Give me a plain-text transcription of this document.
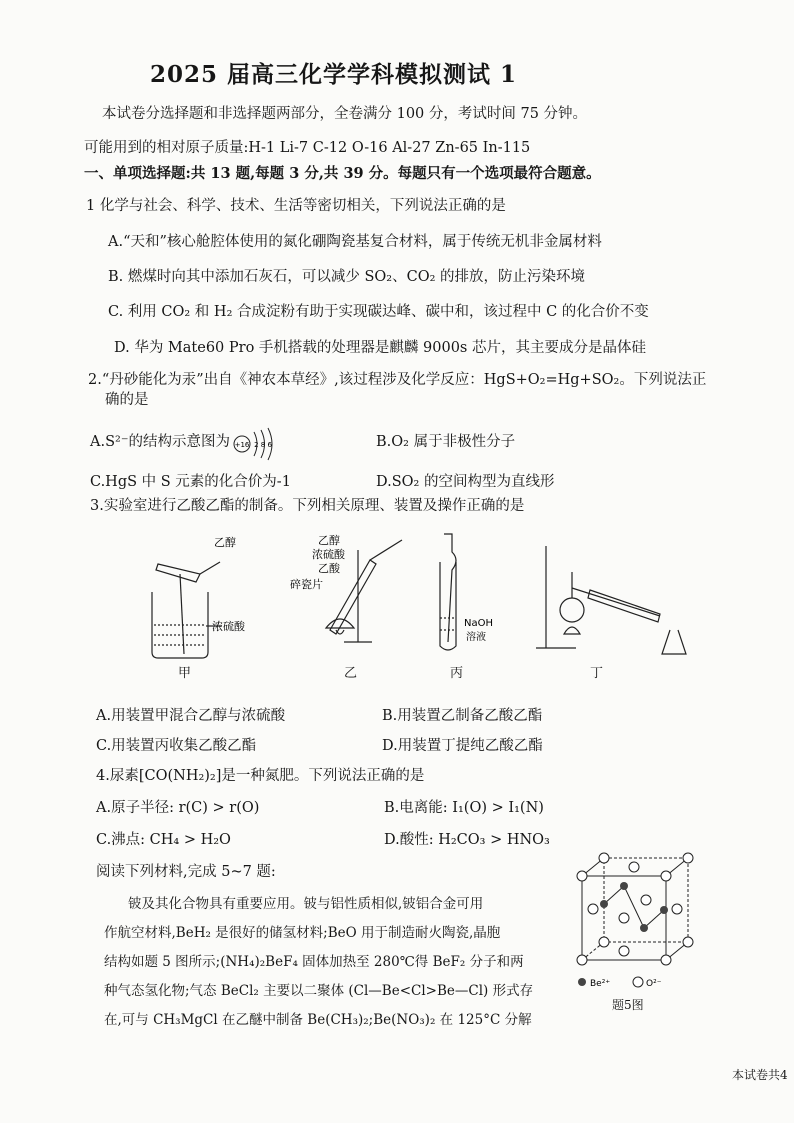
2025 届高三化学学科模拟测试 1
本试卷分选择题和非选择题两部分，全卷满分 100 分，考试时间 75 分钟。
可能用到的相对原子质量:H-1 Li-7 C-12 O-16 Al-27 Zn-65 In-115
一、单项选择题:共 13 题,每题 3 分,共 39 分。每题只有一个选项最符合题意。
1 化学与社会、科学、技术、生活等密切相关，下列说法正确的是
A.“天和”核心舱腔体使用的氮化硼陶瓷基复合材料，属于传统无机非金属材料
B. 燃煤时向其中添加石灰石，可以减少 SO₂、CO₂ 的排放，防止污染环境
C. 利用 CO₂ 和 H₂ 合成淀粉有助于实现碳达峰、碳中和，该过程中 C 的化合价不变
D. 华为 Mate60 Pro 手机搭载的处理器是麒麟 9000s 芯片，其主要成分是晶体硅
2.“丹砂能化为汞”出自《神农本草经》,该过程涉及化学反应：HgS+O₂=Hg+SO₂。下列说法正
确的是
A.S²⁻的结构示意图为 +16 2 8 6	B.O₂ 属于非极性分子
C.HgS 中 S 元素的化合价为-1	D.SO₂ 的空间构型为直线形
3.实验室进行乙酸乙酯的制备。下列相关原理、装置及操作正确的是
乙醇
浓硫酸
乙醇
浓硫酸
乙酸
碎瓷片
NaOH
溶液
甲	乙	丙	丁
A.用装置甲混合乙醇与浓硫酸	B.用装置乙制备乙酸乙酯
C.用装置丙收集乙酸乙酯	D.用装置丁提纯乙酸乙酯
4.尿素[CO(NH₂)₂]是一种氮肥。下列说法正确的是
A.原子半径: r(C) > r(O)	B.电离能: I₁(O) > I₁(N)
C.沸点: CH₄ > H₂O	D.酸性: H₂CO₃ > HNO₃
阅读下列材料,完成 5~7 题:
铍及其化合物具有重要应用。铍与铝性质相似,铍铝合金可用
作航空材料,BeH₂ 是很好的储氢材料;BeO 用于制造耐火陶瓷,晶胞
结构如题 5 图所示;(NH₄)₂BeF₄ 固体加热至 280℃得 BeF₂ 分子和两
种气态氢化物;气态 BeCl₂ 主要以二聚体 (Cl—Be<Cl>Be—Cl) 形式存
在,可与 CH₃MgCl 在乙醚中制备 Be(CH₃)₂;Be(NO₃)₂ 在 125°C 分解
Be²⁺	O²⁻
题5图
本试卷共4
